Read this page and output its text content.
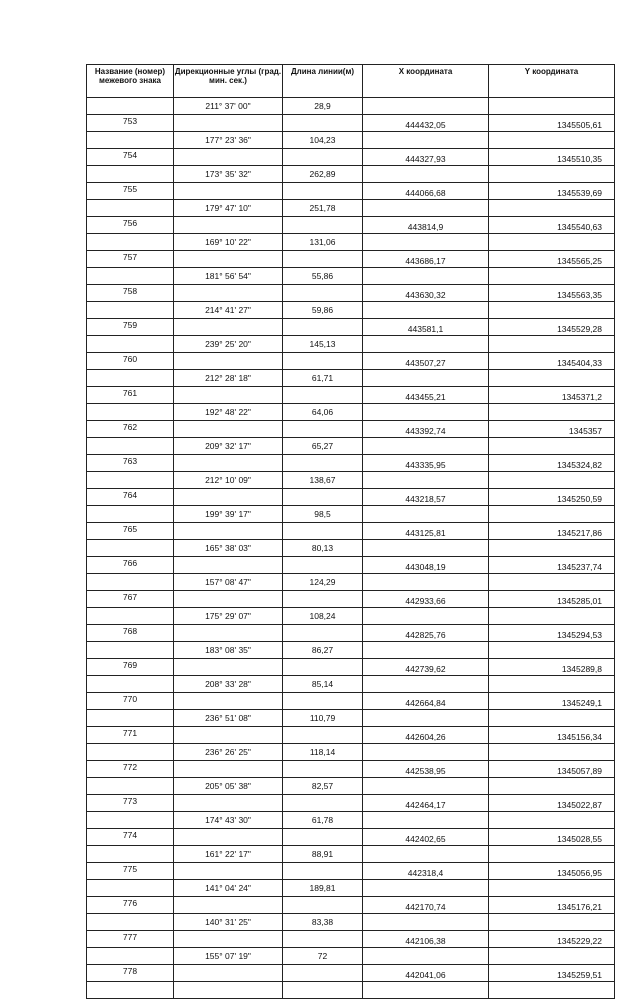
Название (номер) межевого знака	Дирекционные углы (град. мин. сек.)	Длина линии(м)	X координата	Y координата
	211° 37' 00"	28,9		
753			444432,05	1345505,61
	177° 23' 36"	104,23		
754			444327,93	1345510,35
	173° 35' 32"	262,89		
755			444066,68	1345539,69
	179° 47' 10"	251,78		
756			443814,9	1345540,63
	169° 10' 22"	131,06		
757			443686,17	1345565,25
	181° 56' 54"	55,86		
758			443630,32	1345563,35
	214° 41' 27"	59,86		
759			443581,1	1345529,28
	239° 25' 20"	145,13		
760			443507,27	1345404,33
	212° 28' 18"	61,71		
761			443455,21	1345371,2
	192° 48' 22"	64,06		
762			443392,74	1345357
	209° 32' 17"	65,27		
763			443335,95	1345324,82
	212° 10' 09"	138,67		
764			443218,57	1345250,59
	199° 39' 17"	98,5		
765			443125,81	1345217,86
	165° 38' 03"	80,13		
766			443048,19	1345237,74
	157° 08' 47"	124,29		
767			442933,66	1345285,01
	175° 29' 07"	108,24		
768			442825,76	1345294,53
	183° 08' 35"	86,27		
769			442739,62	1345289,8
	208° 33' 28"	85,14		
770			442664,84	1345249,1
	236° 51' 08"	110,79		
771			442604,26	1345156,34
	236° 26' 25"	118,14		
772			442538,95	1345057,89
	205° 05' 38"	82,57		
773			442464,17	1345022,87
	174° 43' 30"	61,78		
774			442402,65	1345028,55
	161° 22' 17"	88,91		
775			442318,4	1345056,95
	141° 04' 24"	189,81		
776			442170,74	1345176,21
	140° 31' 25"	83,38		
777			442106,38	1345229,22
	155° 07' 19"	72		
778			442041,06	1345259,51
